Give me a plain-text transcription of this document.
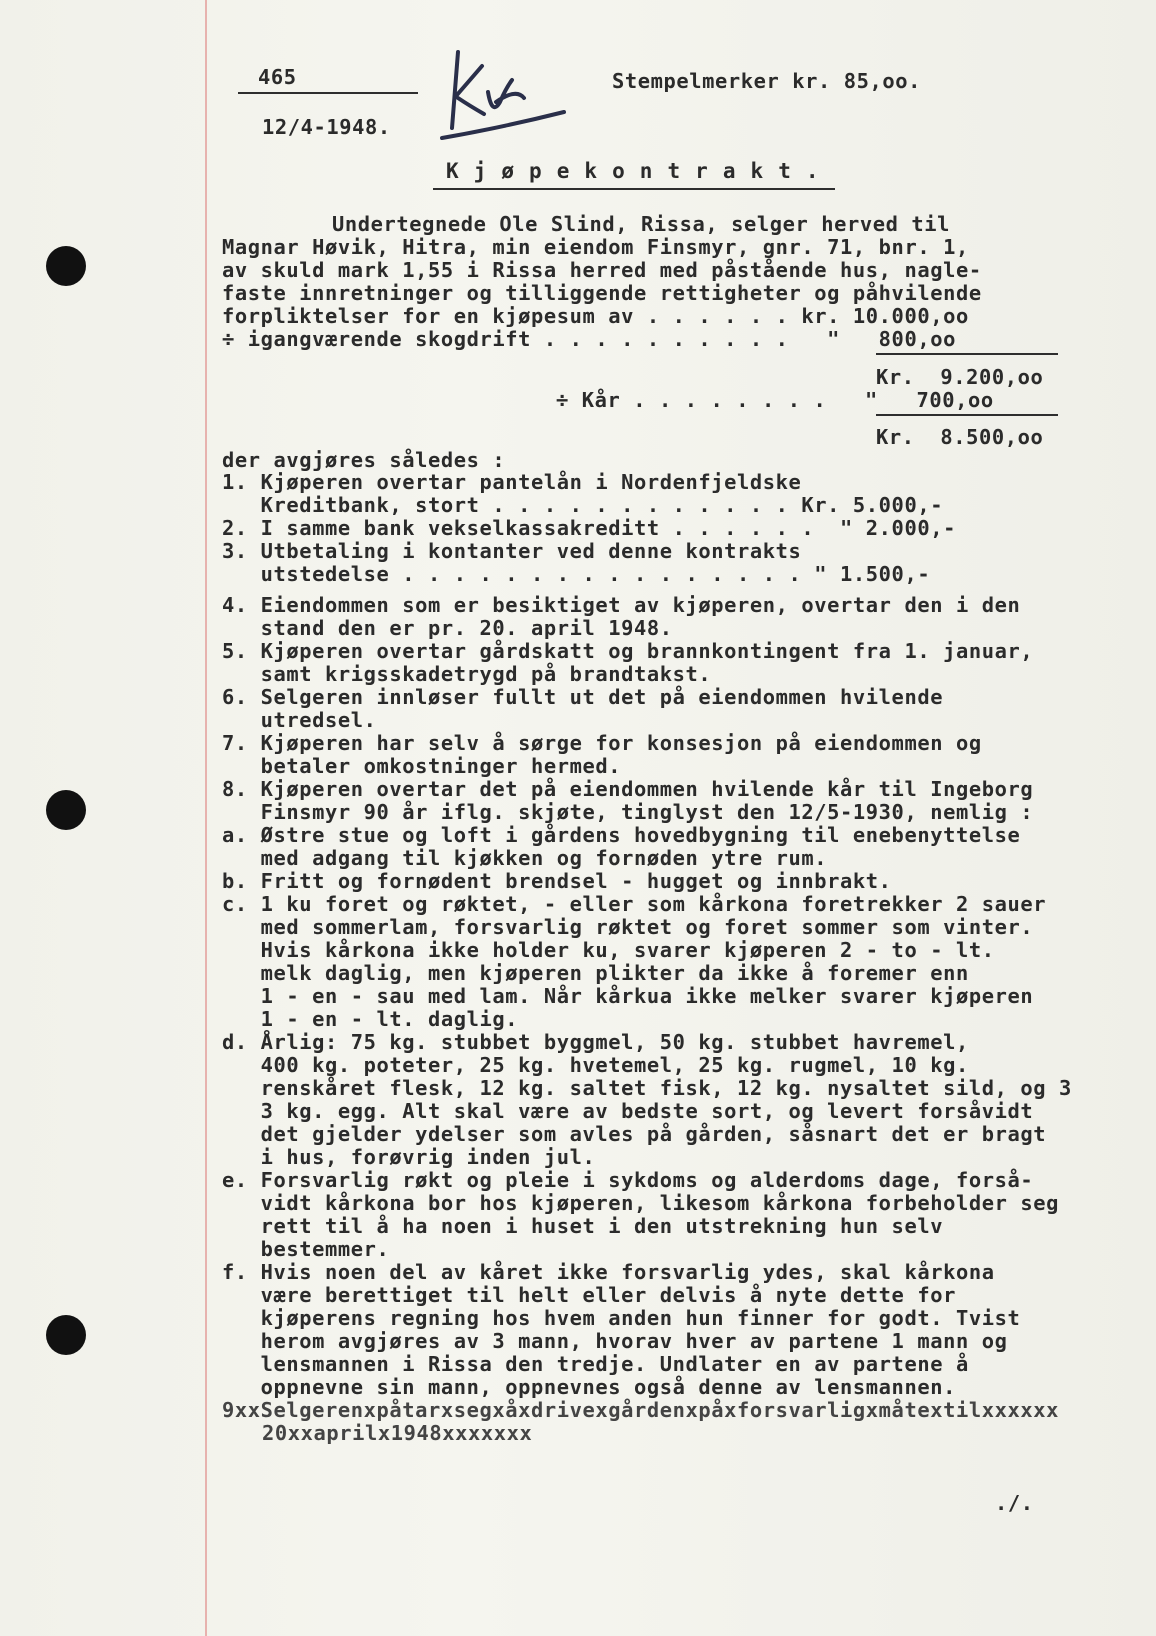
465
12/4-1948.
Stempelmerker kr. 85,oo.
K j ø p e k o n t r a k t .
Undertegnede Ole Slind, Rissa, selger herved til
Magnar Høvik, Hitra, min eiendom Finsmyr, gnr. 71, bnr. 1,
av skuld mark 1,55 i Rissa herred med påstående hus, nagle-
faste innretninger og tilliggende rettigheter og påhvilende
forpliktelser for en kjøpesum av . . . . . . kr. 10.000,oo
÷ igangværende skogdrift . . . . . . . . . .   "   800,oo
Kr.  9.200,oo
÷ Kår . . . . . . . .   "   700,oo
Kr.  8.500,oo
der avgjøres således :
1. Kjøperen overtar pantelån i Nordenfjeldske
Kreditbank, stort . . . . . . . . . . . . Kr. 5.000,-
2. I samme bank vekselkassakreditt . . . . . .  " 2.000,-
3. Utbetaling i kontanter ved denne kontrakts
utstedelse . . . . . . . . . . . . . . . . " 1.500,-
4. Eiendommen som er besiktiget av kjøperen, overtar den i den
stand den er pr. 20. april 1948.
5. Kjøperen overtar gårdskatt og brannkontingent fra 1. januar,
samt krigsskadetrygd på brandtakst.
6. Selgeren innløser fullt ut det på eiendommen hvilende
utredsel.
7. Kjøperen har selv å sørge for konsesjon på eiendommen og
betaler omkostninger hermed.
8. Kjøperen overtar det på eiendommen hvilende kår til Ingeborg
Finsmyr 90 år iflg. skjøte, tinglyst den 12/5-1930, nemlig :
a. Østre stue og loft i gårdens hovedbygning til enebenyttelse
med adgang til kjøkken og fornøden ytre rum.
b. Fritt og fornødent brendsel - hugget og innbrakt.
c. 1 ku foret og røktet, - eller som kårkona foretrekker 2 sauer
med sommerlam, forsvarlig røktet og foret sommer som vinter.
Hvis kårkona ikke holder ku, svarer kjøperen 2 - to - lt.
melk daglig, men kjøperen plikter da ikke å foremer enn
1 - en - sau med lam. Når kårkua ikke melker svarer kjøperen
1 - en - lt. daglig.
d. Årlig: 75 kg. stubbet byggmel, 50 kg. stubbet havremel,
400 kg. poteter, 25 kg. hvetemel, 25 kg. rugmel, 10 kg.
renskåret flesk, 12 kg. saltet fisk, 12 kg. nysaltet sild, og 3
3 kg. egg. Alt skal være av bedste sort, og levert forsåvidt
det gjelder ydelser som avles på gården, såsnart det er bragt
i hus, forøvrig inden jul.
e. Forsvarlig røkt og pleie i sykdoms og alderdoms dage, forså-
vidt kårkona bor hos kjøperen, likesom kårkona forbeholder seg
rett til å ha noen i huset i den utstrekning hun selv
bestemmer.
f. Hvis noen del av kåret ikke forsvarlig ydes, skal kårkona
være berettiget til helt eller delvis å nyte dette for
kjøperens regning hos hvem anden hun finner for godt. Tvist
herom avgjøres av 3 mann, hvorav hver av partene 1 mann og
lensmannen i Rissa den tredje. Undlater en av partene å
oppnevne sin mann, oppnevnes også denne av lensmannen.
9xxSelgerenxpåtarxsegxåxdrivexgårdenxpåxforsvarligxmåtextilxxxxxx
20xxaprilx1948xxxxxxx
./.
